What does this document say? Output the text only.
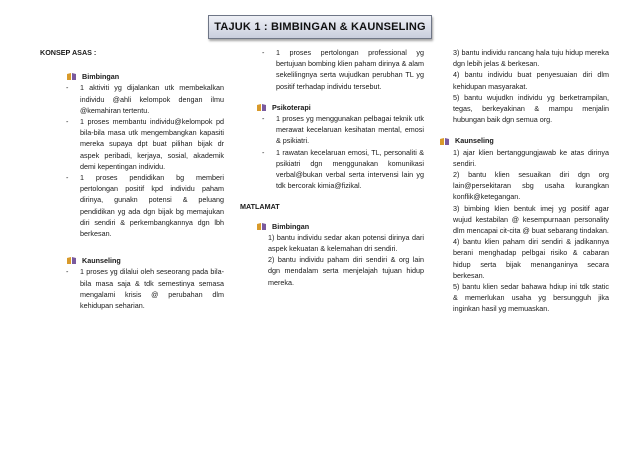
TAJUK 1 : BIMBINGAN & KAUNSELING

KONSEP ASAS :

Bimbingan
- 1 aktiviti yg dijalankan utk membekalkan individu @ahli kelompok dengan ilmu @kemahiran tertentu.
- 1 proses membantu individu@kelompok pd bila-bila masa utk mengembangkan kapasiti mereka supaya dpt buat pilihan bijak dr aspek peribadi, kerjaya, sosial, akademik demi kepentingan individu.
- 1 proses pendidikan bg memberi pertolongan positif kpd individu paham dirinya, gunakn potensi & peluang pendidikan yg ada dgn bijak bg memajukan diri sendiri & perkembangkannya dgn lbh berkesan.
Kaunseling
- 1 proses yg dilalui oleh seseorang pada bila-bila masa saja & tdk semestinya semasa mengalami krisis @ perubahan dlm kehidupan seharian.
- 1 proses pertolongan professional yg bertujuan bombing klien paham dirinya & alam sekelilingnya serta wujudkan perubhan TL yg positif terhadap individu tersebut.
Psikoterapi
- 1 proses yg menggunakan pelbagai teknik utk merawat kecelaruan kesihatan mental, emosi & psikiatri.
- 1 rawatan kecelaruan emosi, TL, personaliti & psikiatri dgn menggunakan komunikasi verbal@bukan verbal serta intervensi lain yg tdk bercorak kimia@fizikal.

MATLAMAT

Bimbingan

1) bantu individu sedar akan potensi dirinya dari aspek kekuatan & kelemahan dri sendiri.

2) bantu individu paham diri sendiri & org lain dgn mendalam serta menjelajah tujuan hidup mereka.

3) bantu individu rancang hala tuju hidup mereka dgn lebih jelas & berkesan.

4) bantu individu buat penyesuaian diri dlm kehidupan masyarakat.

5) bantu wujudkn individu yg berketrampilan, tegas, berkeyakinan & mampu menjalin hubungan baik dgn semua org.

Kaunseling

1) ajar klien bertanggungjawab ke atas dirinya sendiri.

2) bantu klien sesuaikan diri dgn org lain@persekitaran sbg usaha kurangkan konflik@ketegangan.

3) bimbing klien bentuk imej yg positif agar wujud kestabilan @ kesempurnaan personality dlm mencapai cit-cita @ buat sebarang tindakan.

4) bantu klien paham diri sendiri & jadikannya berani menghadap pelbgai risiko & cabaran hidup serta bijak menanganinya secara berkesan.

5) bantu klien sedar bahawa hdiup ini tdk static & memerlukan usaha yg bersungguh jika inginkan hasil yg memuaskan.
